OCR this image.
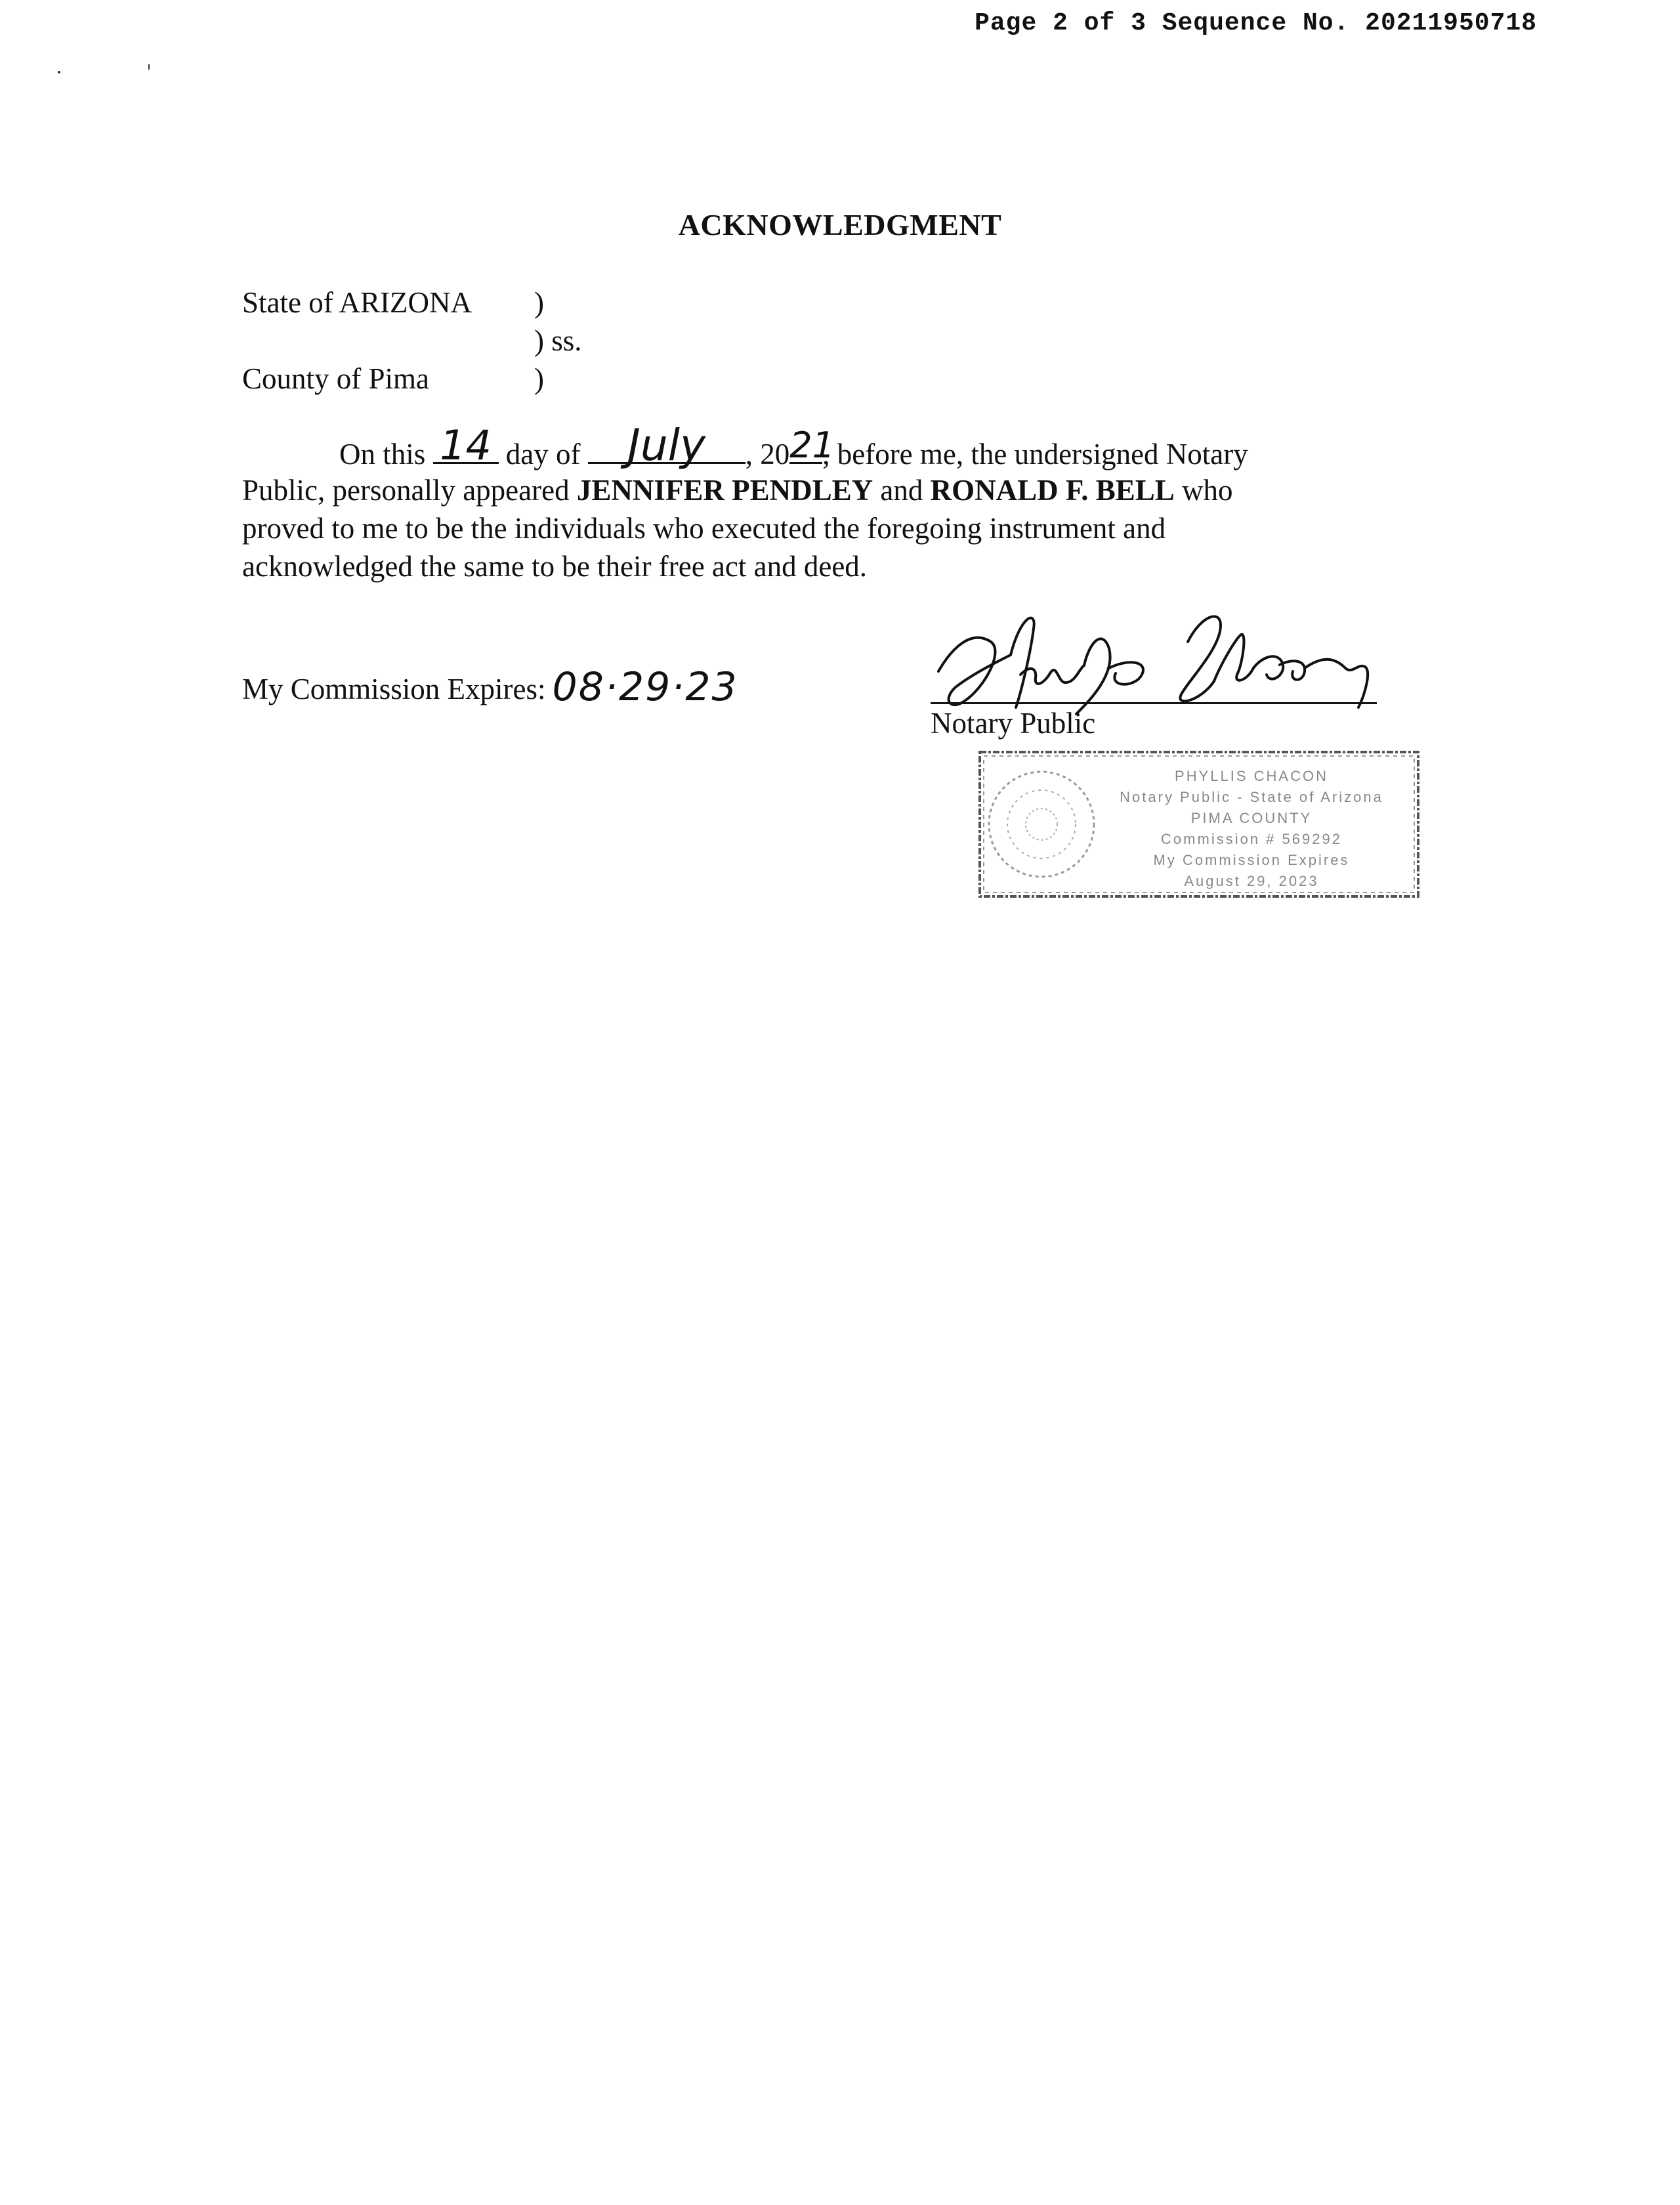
Page 2 of 3 Sequence No. 20211950718
ACKNOWLEDGMENT
State of ARIZONA )
) ss.
County of Pima	)
On this 14 day of	July	, 20 21
, before me, the undersigned Notary
Public, personally appeared JENNIFER PENDLEY and RONALD F. BELL who
proved to me to be the individuals who executed the foregoing instrument and
acknowledged the same to be their free act and deed.
My Commission Expires: 08·29·23
Notary Public
PHYLLIS CHACON
Notary Public - State of Arizona
PIMA COUNTY
Commission # 569292
My Commission Expires
August 29, 2023
